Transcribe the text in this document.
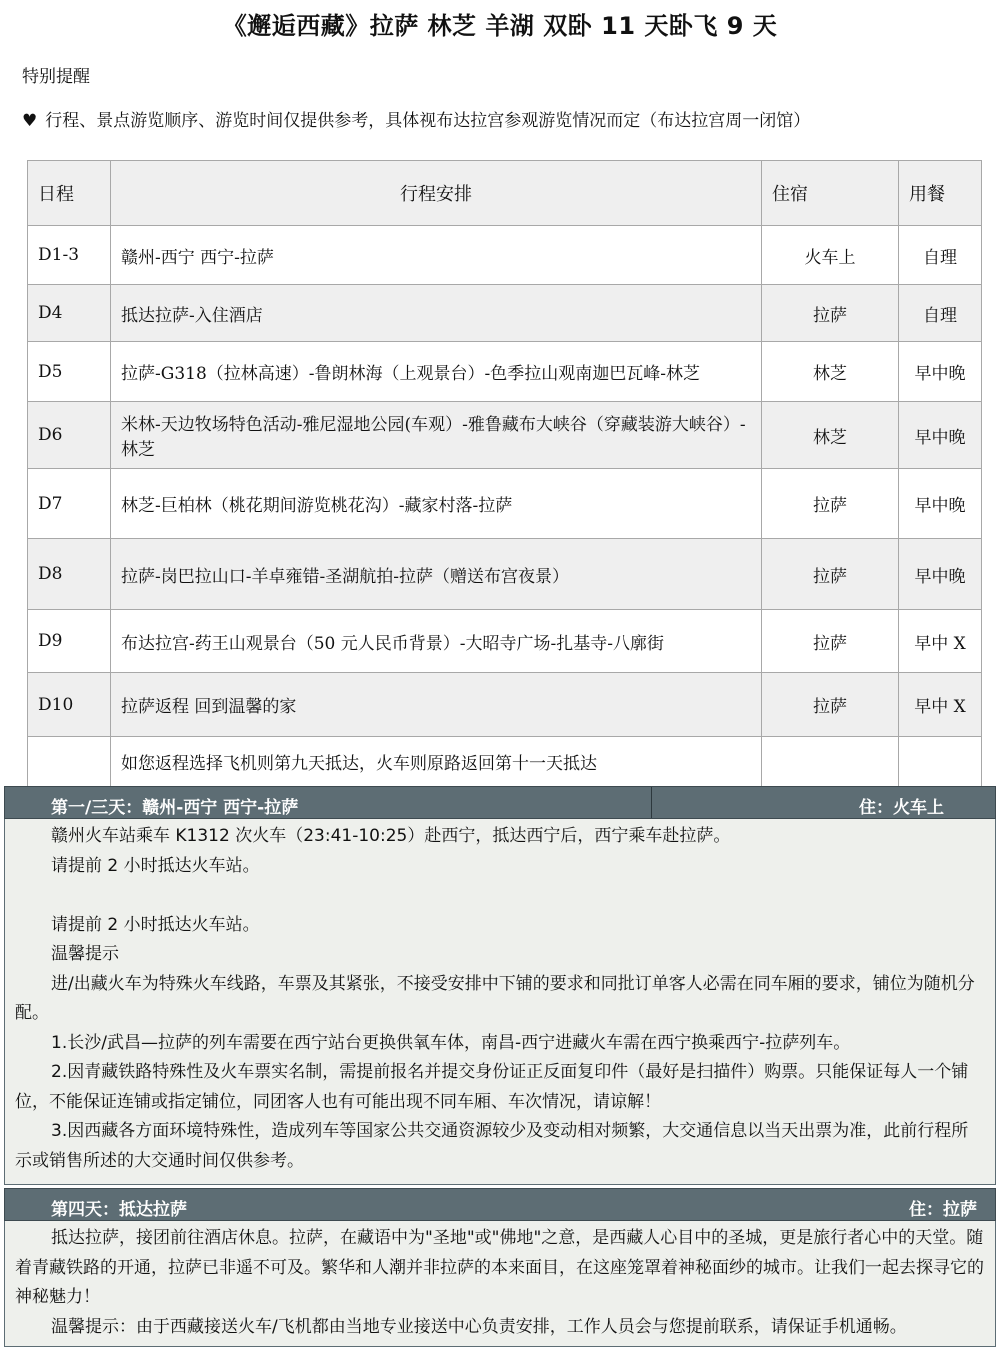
《邂逅西藏》拉萨 林芝 羊湖 双卧 11 天卧飞 9 天
特别提醒
♥ 行程、景点游览顺序、游览时间仅提供参考，具体视布达拉宫参观游览情况而定（布达拉宫周一闭馆）
日程	行程安排	住宿	用餐
D1-3	赣州-西宁 西宁-拉萨	火车上	自理
D4	抵达拉萨-入住酒店	拉萨	自理
D5	拉萨-G318（拉林高速）-鲁朗林海（上观景台）-色季拉山观南迦巴瓦峰-林芝	林芝	早中晚
D6	米林-天边牧场特色活动-雅尼湿地公园(车观）-雅鲁藏布大峡谷（穿藏装游大峡谷）-林芝	林芝	早中晚
D7	林芝-巨柏林（桃花期间游览桃花沟）-藏家村落-拉萨	拉萨	早中晚
D8	拉萨-岗巴拉山口-羊卓雍错-圣湖航拍-拉萨（赠送布宫夜景）	拉萨	早中晚
D9	布达拉宫-药王山观景台（50 元人民币背景）-大昭寺广场-扎基寺-八廓街	拉萨	早中 X
D10	拉萨返程 回到温馨的家	拉萨	早中 X
	如您返程选择飞机则第九天抵达，火车则原路返回第十一天抵达		
第一/三天：赣州-西宁 西宁-拉萨	住：火车上

赣州火车站乘车 K1312 次火车（23:41-10:25）赴西宁，抵达西宁后，西宁乘车赴拉萨。

请提前 2 小时抵达火车站。

请提前 2 小时抵达火车站。

温馨提示

进/出藏火车为特殊火车线路，车票及其紧张，不接受安排中下铺的要求和同批订单客人必需在同车厢的要求，铺位为随机分配。

1.长沙/武昌—拉萨的列车需要在西宁站台更换供氧车体，南昌-西宁进藏火车需在西宁换乘西宁-拉萨列车。

2.因青藏铁路特殊性及火车票实名制，需提前报名并提交身份证正反面复印件（最好是扫描件）购票。只能保证每人一个铺位，不能保证连铺或指定铺位，同团客人也有可能出现不同车厢、车次情况，请谅解！

3.因西藏各方面环境特殊性，造成列车等国家公共交通资源较少及变动相对频繁，大交通信息以当天出票为准，此前行程所示或销售所述的大交通时间仅供参考。

第四天：抵达拉萨	住：拉萨

抵达拉萨，接团前往酒店休息。拉萨，在藏语中为"圣地"或"佛地"之意，是西藏人心目中的圣城，更是旅行者心中的天堂。随着青藏铁路的开通，拉萨已非遥不可及。繁华和人潮并非拉萨的本来面目，在这座笼罩着神秘面纱的城市。让我们一起去探寻它的神秘魅力！

温馨提示：由于西藏接送火车/飞机都由当地专业接送中心负责安排，工作人员会与您提前联系，请保证手机通畅。
